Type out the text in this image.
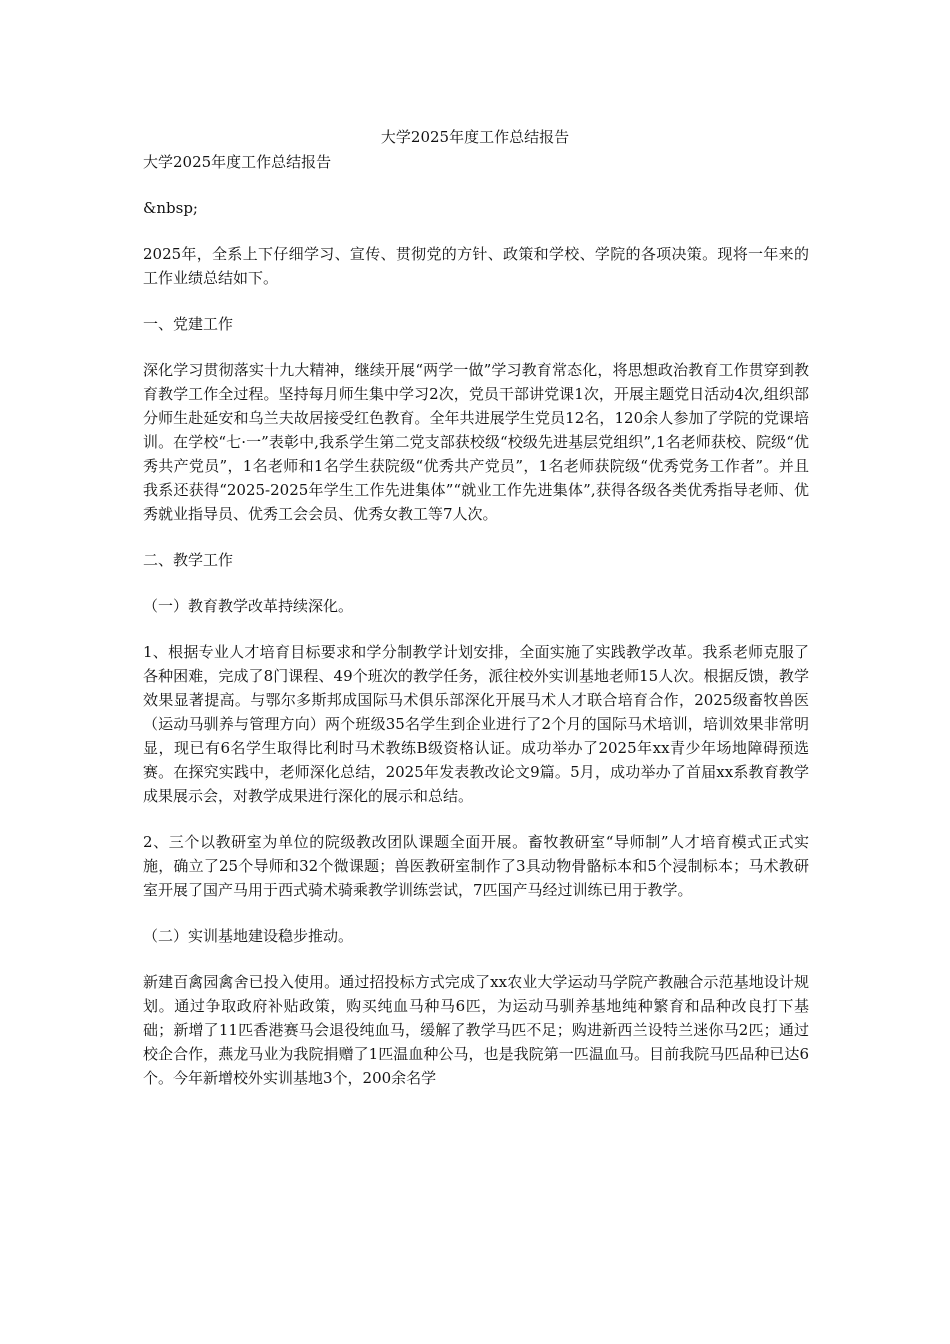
大学2025年度工作总结报告

大学2025年度工作总结报告

&nbsp;

2025年，全系上下仔细学习、宣传、贯彻党的方针、政策和学校、学院的各项决策。现将一年来的工作业绩总结如下。

一、党建工作

深化学习贯彻落实十九大精神，继续开展“两学一做”学习教育常态化，将思想政治教育工作贯穿到教育教学工作全过程。坚持每月师生集中学习2次，党员干部讲党课1次，开展主题党日活动4次,组织部分师生赴延安和乌兰夫故居接受红色教育。全年共进展学生党员12名，120余人参加了学院的党课培训。在学校“七·一”表彰中,我系学生第二党支部获校级“校级先进基层党组织”,1名老师获校、院级“优秀共产党员”，1名老师和1名学生获院级“优秀共产党员”，1名老师获院级“优秀党务工作者”。并且我系还获得“2025-2025年学生工作先进集体”“就业工作先进集体”,获得各级各类优秀指导老师、优秀就业指导员、优秀工会会员、优秀女教工等7人次。

二、教学工作

（一）教育教学改革持续深化。

1、根据专业人才培育目标要求和学分制教学计划安排，全面实施了实践教学改革。我系老师克服了各种困难，完成了8门课程、49个班次的教学任务，派往校外实训基地老师15人次。根据反馈，教学效果显著提高。与鄂尔多斯邦成国际马术俱乐部深化开展马术人才联合培育合作，2025级畜牧兽医（运动马驯养与管理方向）两个班级35名学生到企业进行了2个月的国际马术培训，培训效果非常明显，现已有6名学生取得比利时马术教练B级资格认证。成功举办了2025年xx青少年场地障碍预选赛。在探究实践中，老师深化总结，2025年发表教改论文9篇。5月，成功举办了首届xx系教育教学成果展示会，对教学成果进行深化的展示和总结。

2、三个以教研室为单位的院级教改团队课题全面开展。畜牧教研室“导师制”人才培育模式正式实施，确立了25个导师和32个微课题；兽医教研室制作了3具动物骨骼标本和5个浸制标本；马术教研室开展了国产马用于西式骑术骑乘教学训练尝试，7匹国产马经过训练已用于教学。

（二）实训基地建设稳步推动。

新建百禽园禽舍已投入使用。通过招投标方式完成了xx农业大学运动马学院产教融合示范基地设计规划。通过争取政府补贴政策，购买纯血马种马6匹，为运动马驯养基地纯种繁育和品种改良打下基础；新增了11匹香港赛马会退役纯血马，缓解了教学马匹不足；购进新西兰设特兰迷你马2匹；通过校企合作，燕龙马业为我院捐赠了1匹温血种公马，也是我院第一匹温血马。目前我院马匹品种已达6个。今年新增校外实训基地3个，200余名学
